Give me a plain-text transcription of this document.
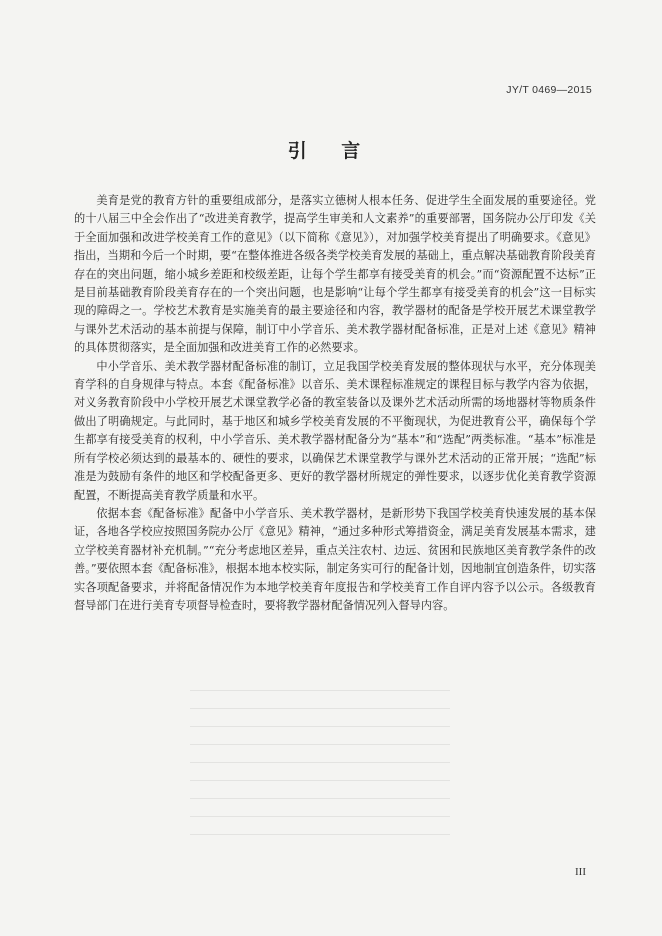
JY/T 0469—2015
引 言

美育是党的教育方针的重要组成部分，是落实立德树人根本任务、促进学生全面发展的重要途径。党的十八届三中全会作出了“改进美育教学，提高学生审美和人文素养”的重要部署，国务院办公厅印发《关于全面加强和改进学校美育工作的意见》（以下简称《意见》），对加强学校美育提出了明确要求。《意见》指出，当期和今后一个时期，要“在整体推进各级各类学校美育发展的基础上，重点解决基础教育阶段美育存在的突出问题，缩小城乡差距和校级差距，让每个学生都享有接受美育的机会。”而“资源配置不达标”正是目前基础教育阶段美育存在的一个突出问题，也是影响“让每个学生都享有接受美育的机会”这一目标实现的障碍之一。学校艺术教育是实施美育的最主要途径和内容，教学器材的配备是学校开展艺术课堂教学与课外艺术活动的基本前提与保障，制订中小学音乐、美术教学器材配备标准，正是对上述《意见》精神的具体贯彻落实，是全面加强和改进美育工作的必然要求。

中小学音乐、美术教学器材配备标准的制订，立足我国学校美育发展的整体现状与水平，充分体现美育学科的自身规律与特点。本套《配备标准》以音乐、美术课程标准规定的课程目标与教学内容为依据，对义务教育阶段中小学校开展艺术课堂教学必备的教室装备以及课外艺术活动所需的场地器材等物质条件做出了明确规定。与此同时，基于地区和城乡学校美育发展的不平衡现状，为促进教育公平，确保每个学生都享有接受美育的权利，中小学音乐、美术教学器材配备分为“基本”和“选配”两类标准。“基本”标准是所有学校必须达到的最基本的、硬性的要求，以确保艺术课堂教学与课外艺术活动的正常开展；“选配”标准是为鼓励有条件的地区和学校配备更多、更好的教学器材所规定的弹性要求，以逐步优化美育教学资源配置，不断提高美育教学质量和水平。

依据本套《配备标准》配备中小学音乐、美术教学器材，是新形势下我国学校美育快速发展的基本保证，各地各学校应按照国务院办公厅《意见》精神，“通过多种形式筹措资金，满足美育发展基本需求，建立学校美育器材补充机制。”“充分考虑地区差异，重点关注农村、边远、贫困和民族地区美育教学条件的改善。”要依照本套《配备标准》，根据本地本校实际，制定务实可行的配备计划，因地制宜创造条件，切实落实各项配备要求，并将配备情况作为本地学校美育年度报告和学校美育工作自评内容予以公示。各级教育督导部门在进行美育专项督导检查时，要将教学器材配备情况列入督导内容。

III
